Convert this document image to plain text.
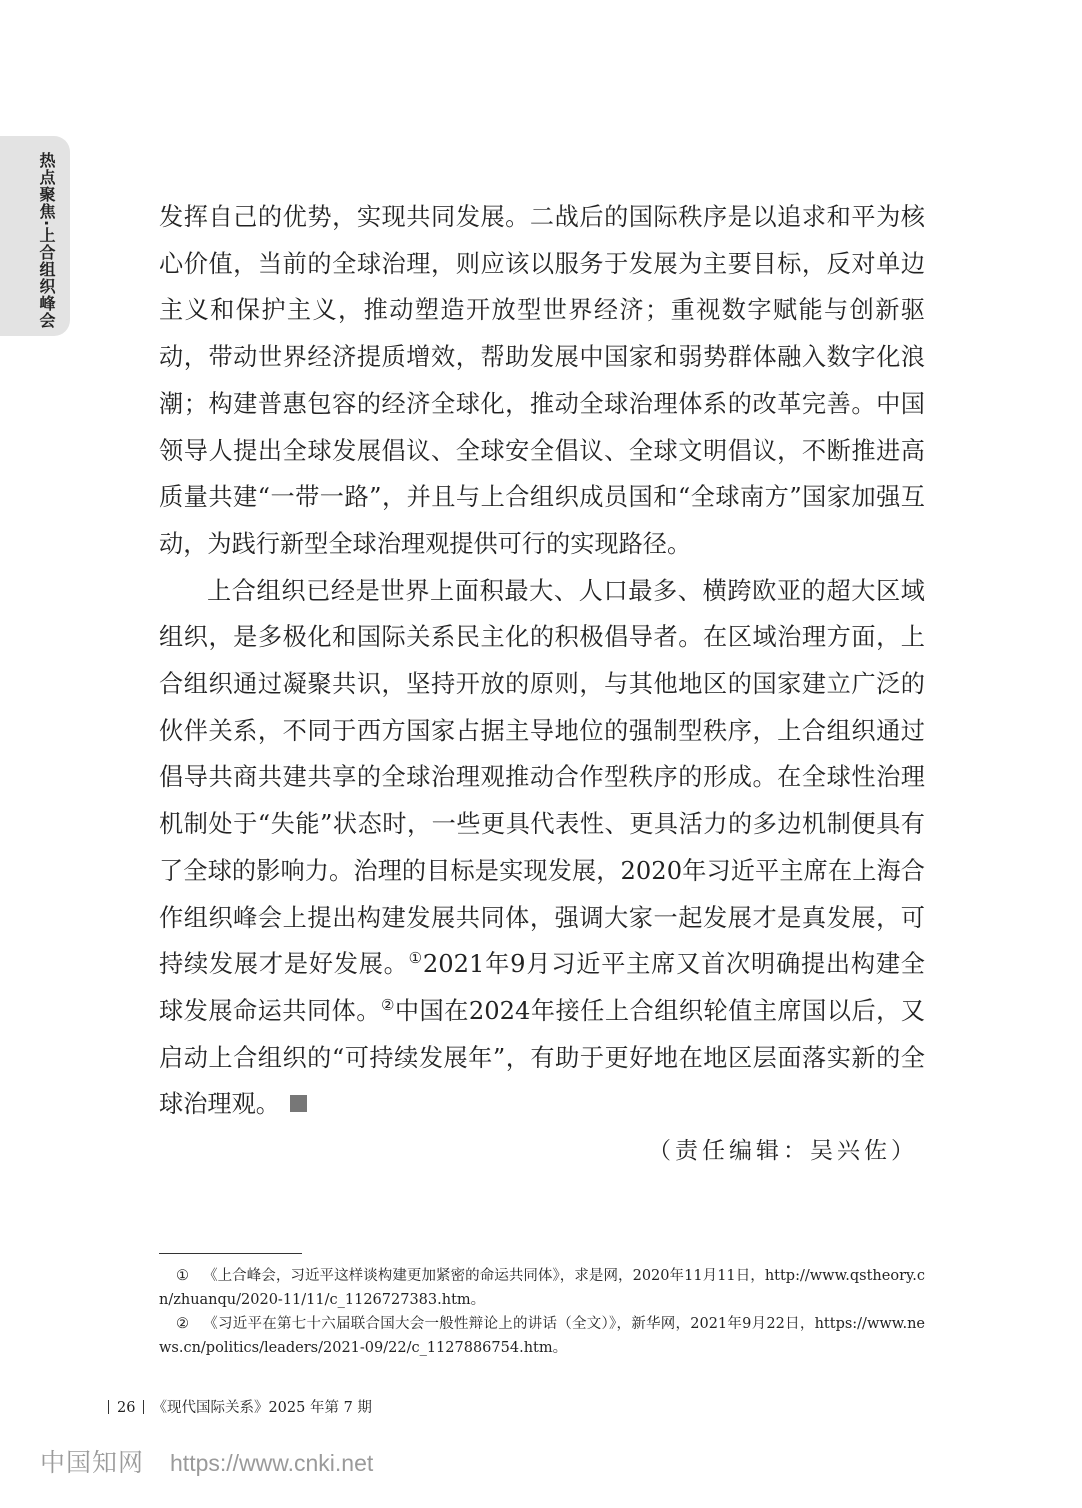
热点聚焦·上合组织峰会	发挥自己的优势，实现共同发展。二战后的国际秩序是以追求和平为核心价值，当前的全球治理，则应该以服务于发展为主要目标，反对单边主义和保护主义，推动塑造开放型世界经济；重视数字赋能与创新驱动，带动世界经济提质增效，帮助发展中国家和弱势群体融入数字化浪潮；构建普惠包容的经济全球化，推动全球治理体系的改革完善。中国领导人提出全球发展倡议、全球安全倡议、全球文明倡议，不断推进高质量共建“一带一路”，并且与上合组织成员国和“全球南方”国家加强互动，为践行新型全球治理观提供可行的实现路径。

上合组织已经是世界上面积最大、人口最多、横跨欧亚的超大区域组织，是多极化和国际关系民主化的积极倡导者。在区域治理方面，上合组织通过凝聚共识，坚持开放的原则，与其他地区的国家建立广泛的伙伴关系，不同于西方国家占据主导地位的强制型秩序，上合组织通过倡导共商共建共享的全球治理观推动合作型秩序的形成。在全球性治理机制处于“失能”状态时，一些更具代表性、更具活力的多边机制便具有了全球的影响力。治理的目标是实现发展，2020年习近平主席在上海合作组织峰会上提出构建发展共同体，强调大家一起发展才是真发展，可持续发展才是好发展。①2021年9月习近平主席又首次明确提出构建全球发展命运共同体。②中国在2024年接任上合组织轮值主席国以后，又启动上合组织的“可持续发展年”，有助于更好地在地区层面落实新的全球治理观。

（责任编辑：吴兴佐）

① 《上合峰会，习近平这样谈构建更加紧密的命运共同体》，求是网，2020年11月11日，http://www.qstheory.cn/zhuanqu/2020-11/11/c_1126727383.htm。

② 《习近平在第七十六届联合国大会一般性辩论上的讲话（全文）》，新华网，2021年9月22日，https://www.news.cn/politics/leaders/2021-09/22/c_1127886754.htm。

26 《现代国际关系》2025 年第 7 期
中国知网 https://www.cnki.net
